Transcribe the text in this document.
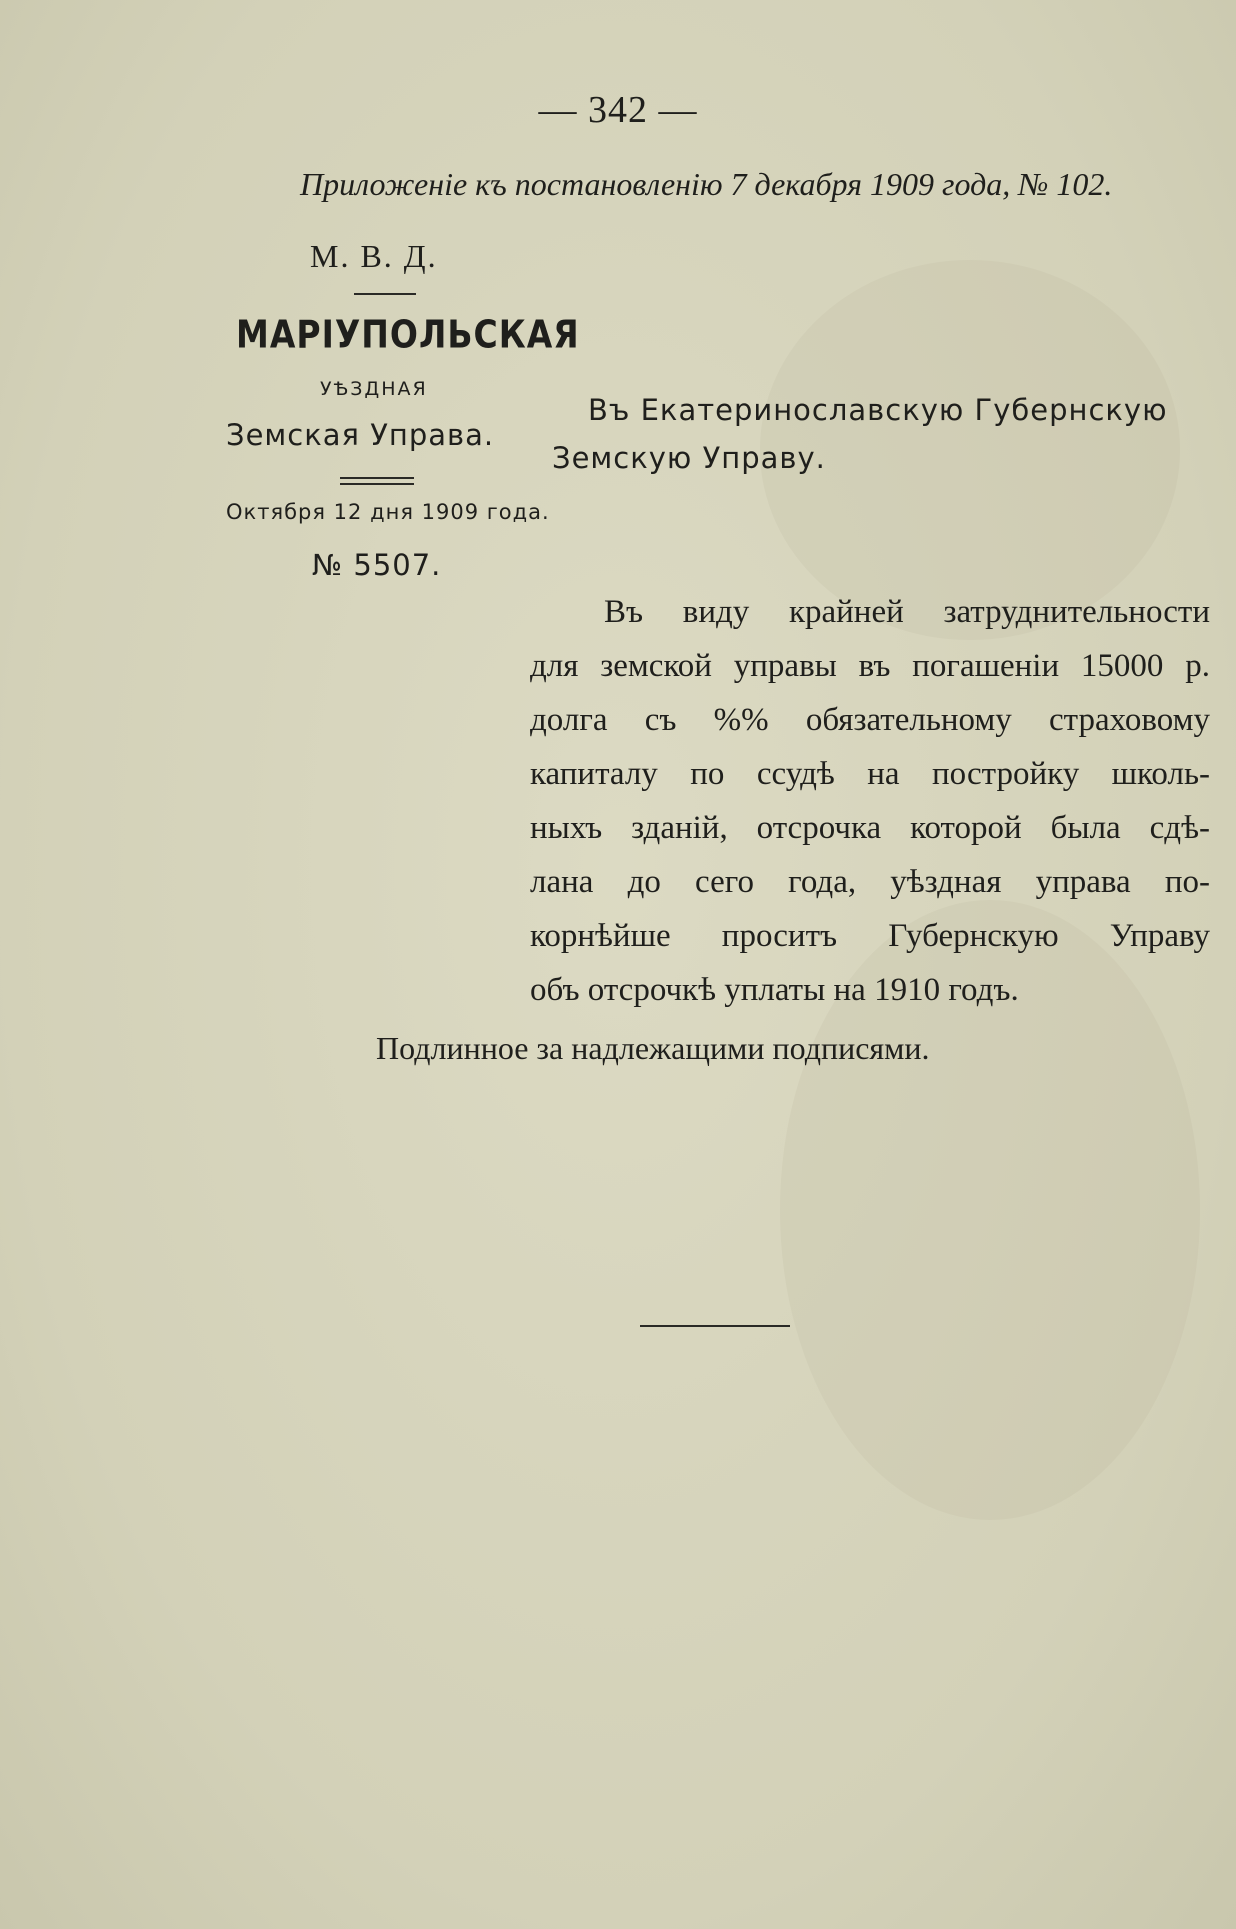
— 342 —
Приложеніе къ постановленію 7 декабря 1909 года, № 102.
М. В. Д.
МАРІУПОЛЬСКАЯ
УѢЗДНАЯ
Земская Управа.
Октября 12 дня 1909 года.
№ 5507.
Въ Екатеринославскую Губернскую
Земскую Управу.
Въ виду крайней затруднительности
для земской управы въ погашеніи 15000 р.
долга съ %% обязательному страховому
капиталу по ссудѣ на постройку школь-
ныхъ зданій, отсрочка которой была сдѣ-
лана до сего года, уѣздная управа по-
корнѣйше проситъ Губернскую Управу
объ отсрочкѣ уплаты на 1910 годъ.
Подлинное за надлежащими подписями.
